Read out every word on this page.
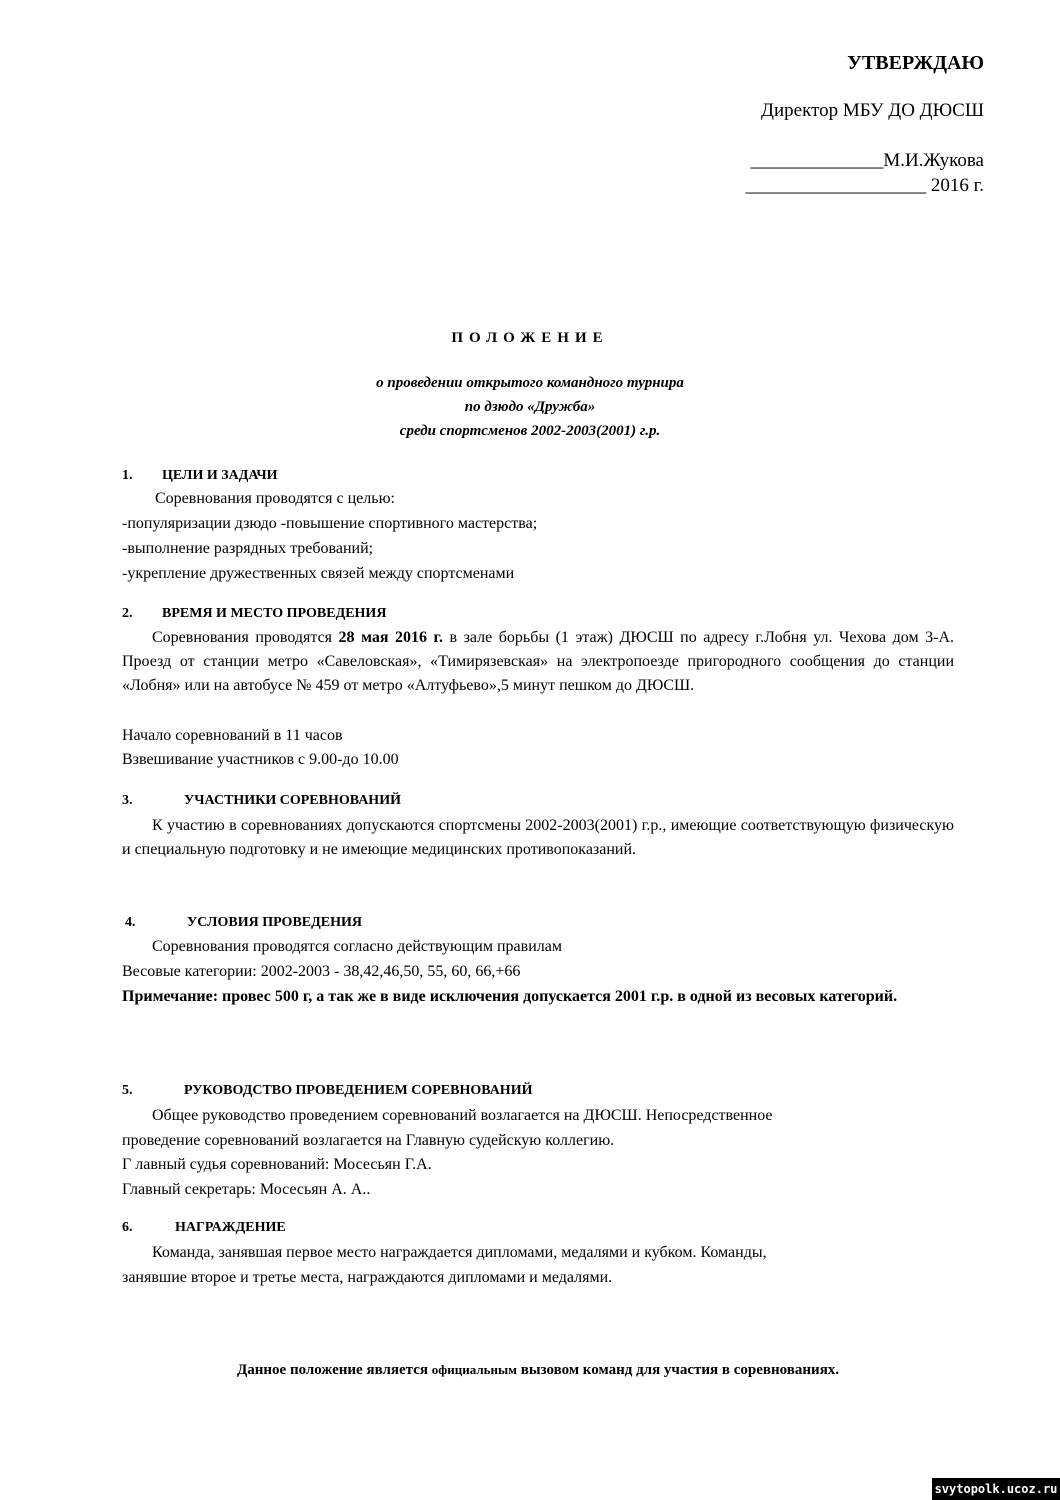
УТВЕРЖДАЮ
Директор МБУ ДО ДЮСШ
______________М.И.Жукова
___________________ 2016 г.
ПОЛОЖЕНИЕ
о проведении открытого командного турнира
по дзюдо «Дружба»
среди спортсменов 2002-2003(2001) г.р.
1. ЦЕЛИ И ЗАДАЧИ
Соревнования проводятся с целью:
-популяризации дзюдо -повышение спортивного мастерства;
-выполнение разрядных требований;
-укрепление дружественных связей между спортсменами
2. ВРЕМЯ И МЕСТО ПРОВЕДЕНИЯ
Соревнования проводятся 28 мая 2016 г. в зале борьбы (1 этаж) ДЮСШ по адресу г.Лобня ул. Чехова дом 3-А. Проезд от станции метро «Савеловская», «Тимирязевская» на электропоезде пригородного сообщения до станции «Лобня» или на автобусе № 459 от метро «Алтуфьево»,5 минут пешком до ДЮСШ.
Начало соревнований в 11 часов
Взвешивание участников с 9.00-до 10.00
3.	УЧАСТНИКИ СОРЕВНОВАНИЙ
К участию в соревнованиях допускаются спортсмены 2002-2003(2001) г.р., имеющие соответствующую физическую и специальную подготовку и не имеющие медицинских противопоказаний.
4.	УСЛОВИЯ ПРОВЕДЕНИЯ
Соревнования проводятся согласно действующим правилам
Весовые категории: 2002-2003 - 38,42,46,50, 55, 60, 66,+66
Примечание: провес 500 г, а так же в виде исключения допускается 2001 г.р. в одной из весовых категорий.
5.	РУКОВОДСТВО ПРОВЕДЕНИЕМ СОРЕВНОВАНИЙ
Общее руководство проведением соревнований возлагается на ДЮСШ. Непосредственное
проведение соревнований возлагается на Главную судейскую коллегию.
Г лавный судья соревнований: Мосесьян Г.А.
Главный секретарь: Мосесьян А. А..
6.	НАГРАЖДЕНИЕ
Команда, занявшая первое место награждается дипломами, медалями и кубком. Команды,
занявшие второе и третье места, награждаются дипломами и медалями.
Данное положение является официальным вызовом команд для участия в соревнованиях.
svytopolk.ucoz.ru
